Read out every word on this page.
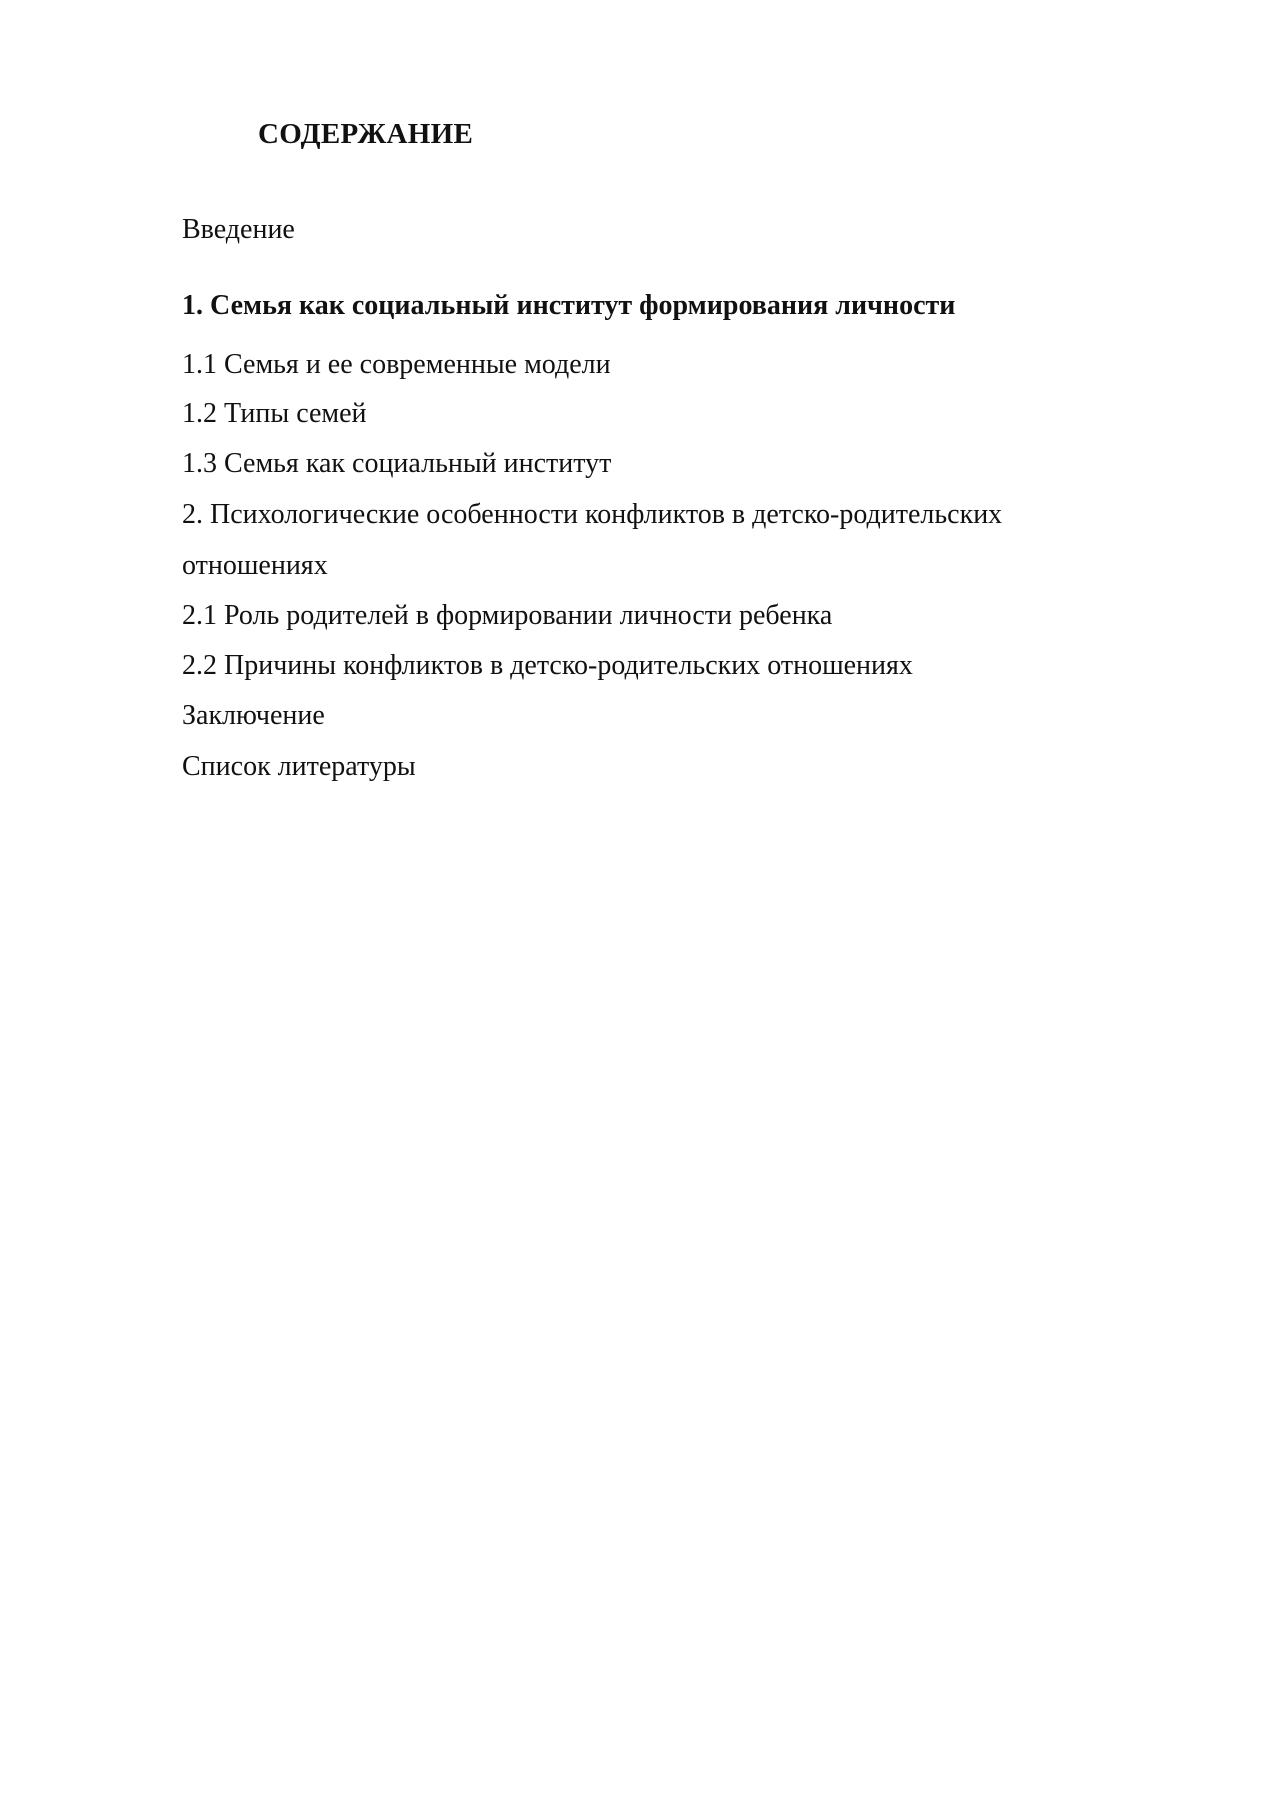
СОДЕРЖАНИЕ
Введение
1. Семья как социальный институт формирования личности
1.1 Семья и ее современные модели
1.2 Типы семей
1.3 Семья как социальный институт
2. Психологические особенности конфликтов в детско-родительских
отношениях
2.1 Роль родителей в формировании личности ребенка
2.2 Причины конфликтов в детско-родительских отношениях
Заключение
Список литературы
